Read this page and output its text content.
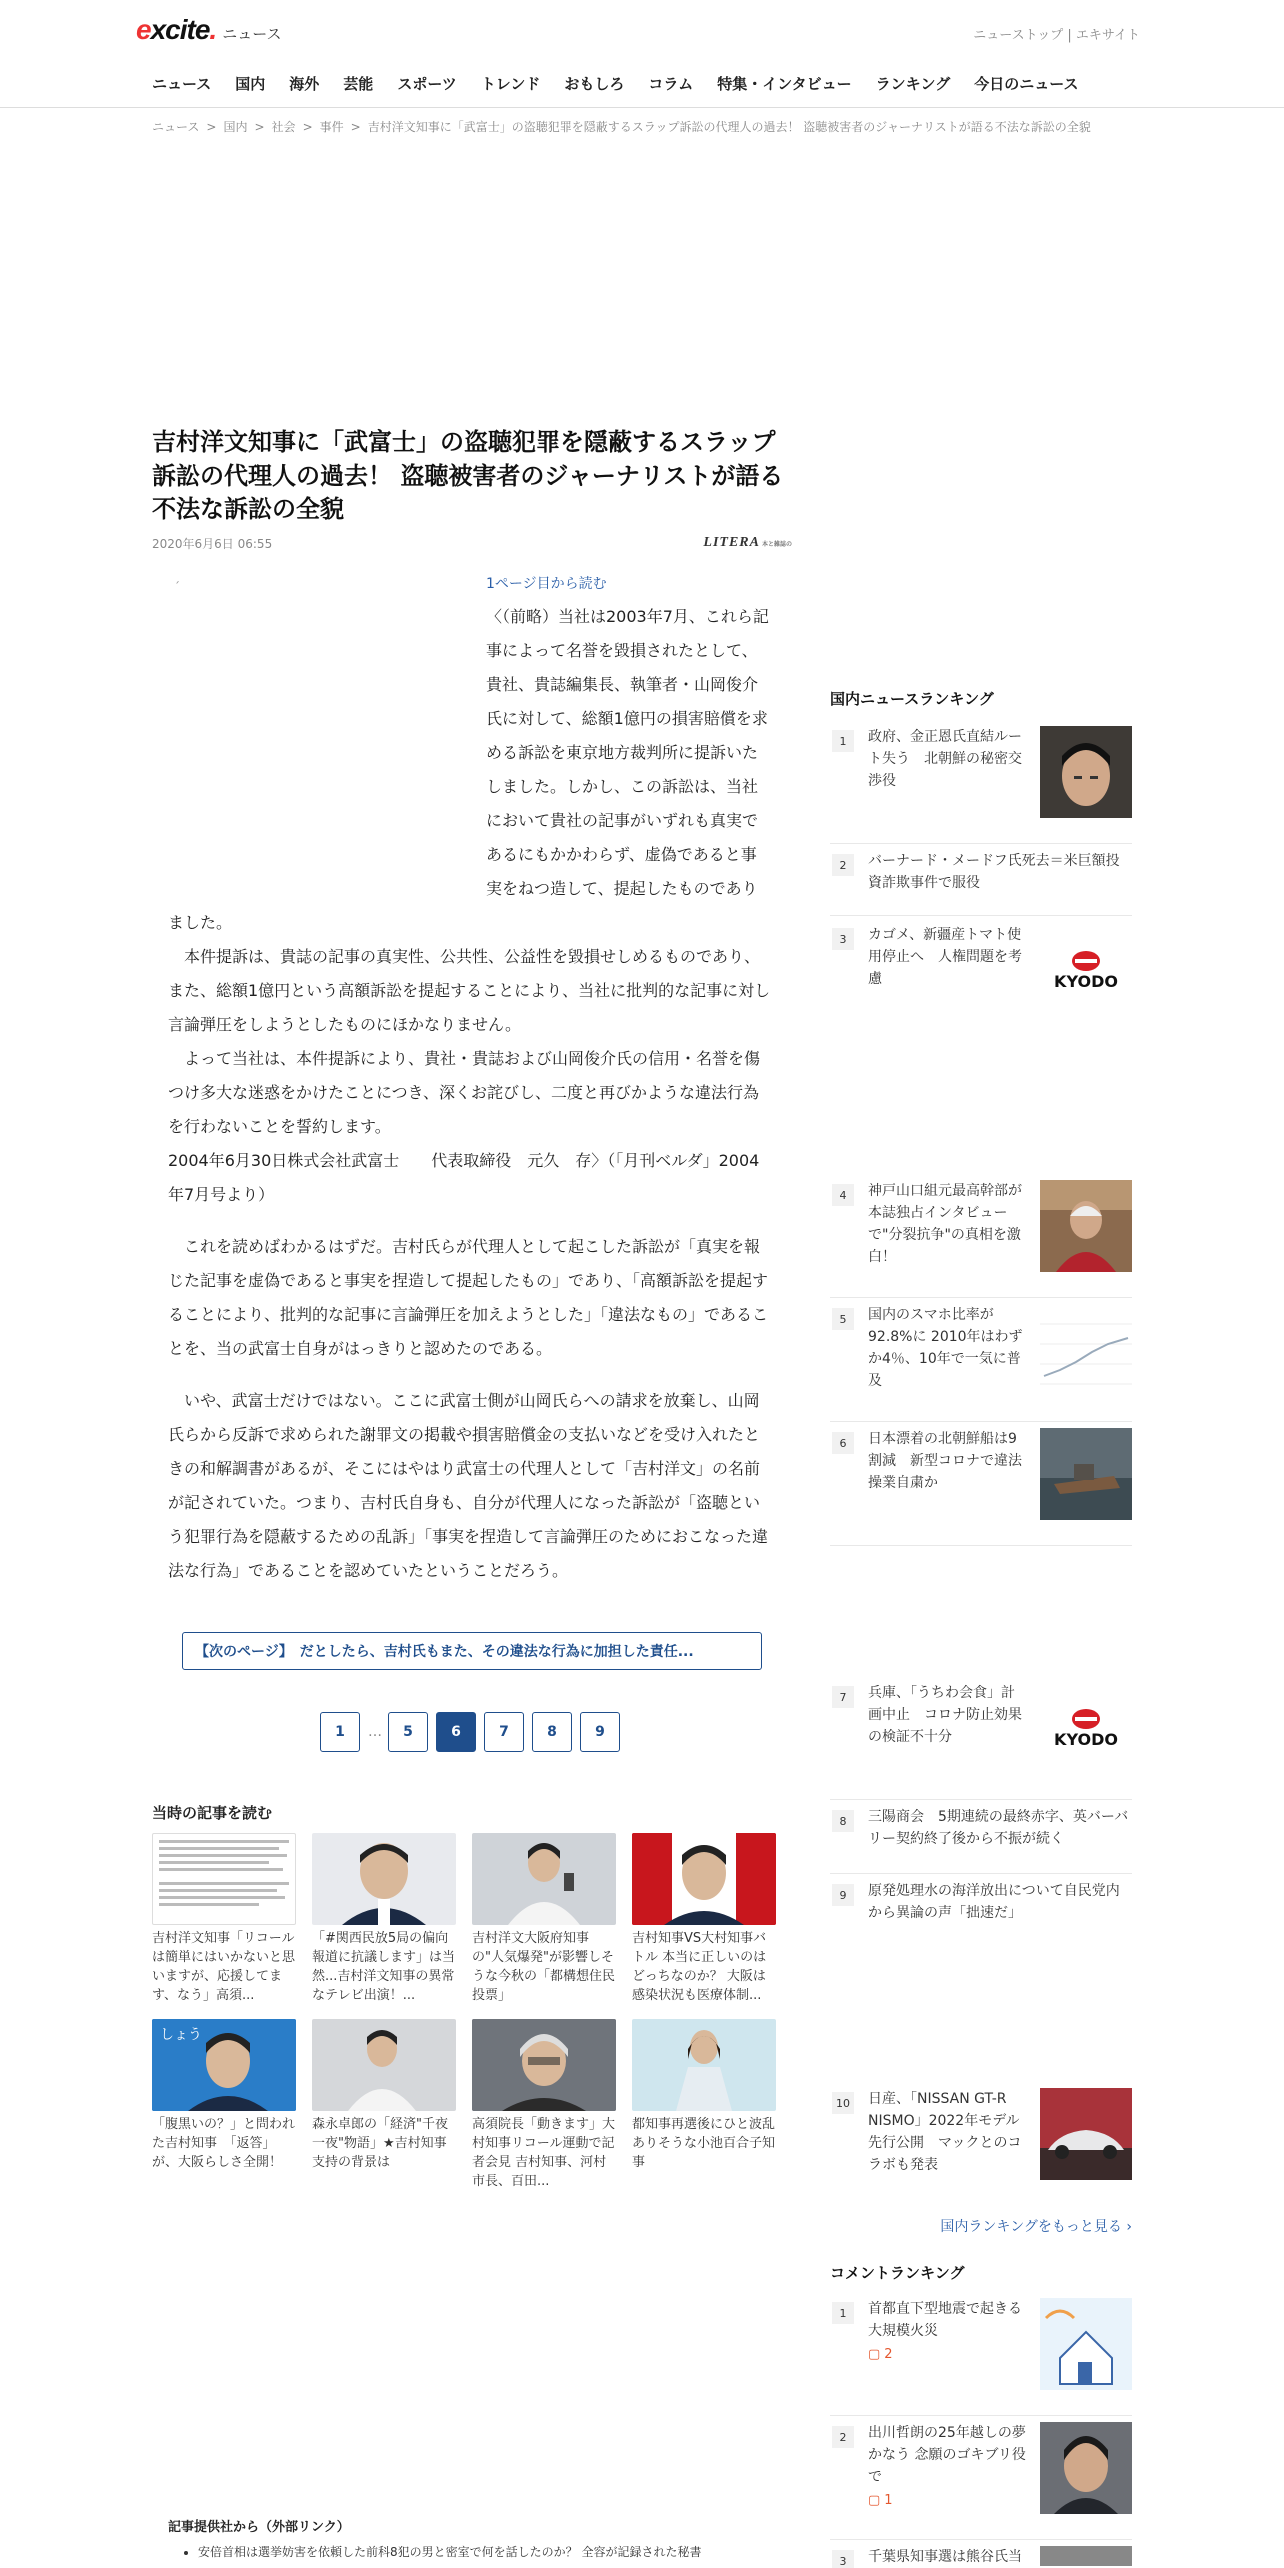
excite. ニュース	ニューストップ | エキサイト
ニュース	国内	海外	芸能	スポーツ	トレンド	おもしろ	コラム	特集・インタビュー	ランキング	今日のニュース
ニュース > 国内 > 社会 > 事件 > 吉村洋文知事に「武富士」の盗聴犯罪を隠蔽するスラップ訴訟の代理人の過去！ 盗聴被害者のジャーナリストが語る不法な訴訟の全貌
吉村洋文知事に「武富士」の盗聴犯罪を隠蔽するスラップ訴訟の代理人の過去！ 盗聴被害者のジャーナリストが語る不法な訴訟の全貌
2020年6月6日 06:55	LITERA 本と雑誌の
´	1ページ目から読む

〈（前略）当社は2003年7月、これら記事によって名誉を毀損されたとして、貴社、貴誌編集長、執筆者・山岡俊介氏に対して、総額1億円の損害賠償を求める訴訟を東京地方裁判所に提訴いたしました。しかし、この訴訟は、当社において貴社の記事がいずれも真実であるにもかかわらず、虚偽であると事実をねつ造して、提起したものでありました。

　本件提訴は、貴誌の記事の真実性、公共性、公益性を毀損せしめるものであり、また、総額1億円という高額訴訟を提起することにより、当社に批判的な記事に対し言論弾圧をしようとしたものにほかなりません。

　よって当社は、本件提訴により、貴社・貴誌および山岡俊介氏の信用・名誉を傷つけ多大な迷惑をかけたことにつき、深くお詫びし、二度と再びかような違法行為を行わないことを誓約します。

2004年6月30日株式会社武富士　　代表取締役　元久　存〉（「月刊ベルダ」2004年7月号より）

　これを読めばわかるはずだ。吉村氏らが代理人として起こした訴訟が「真実を報じた記事を虚偽であると事実を捏造して提起したもの」であり、「高額訴訟を提起することにより、批判的な記事に言論弾圧を加えようとした」「違法なもの」であることを、当の武富士自身がはっきりと認めたのである。

　いや、武富士だけではない。ここに武富士側が山岡氏らへの請求を放棄し、山岡氏らから反訴で求められた謝罪文の掲載や損害賠償金の支払いなどを受け入れたときの和解調書があるが、そこにはやはり武富士の代理人として「吉村洋文」の名前が記されていた。つまり、吉村氏自身も、自分が代理人になった訴訟が「盗聴という犯罪行為を隠蔽するための乱訴」「事実を捏造して言論弾圧のためにおこなった違法な行為」であることを認めていたということだろう。

【次のページ】　だとしたら、吉村氏もまた、その違法な行為に加担した責任...
1	…	5	6	7	8	9
当時の記事を読む
吉村洋文知事「リコールは簡単にはいかないと思いますが、応援してます、なう」高須...
「#関西民放5局の偏向報道に抗議します」は当然...吉村洋文知事の異常なテレビ出演！...
吉村洋文大阪府知事の"人気爆発"が影響しそうな今秋の「都構想住民投票」
吉村知事VS大村知事バトル 本当に正しいのはどっちなのか？ 大阪は感染状況も医療体制...
しょう
「腹黒いの？」と問われた吉村知事　「返答」が、大阪らしさ全開！
森永卓郎の「経済"千夜一夜"物語」★吉村知事支持の背景は
高須院長「動きます」大村知事リコール運動で記者会見 吉村知事、河村市長、百田...
都知事再選後にひと波乱ありそうな小池百合子知事
記事提供社から（外部リンク）
• 安倍首相は選挙妨害を依頼した前科8犯の男と密室で何を話したのか？ 全容が記録された秘書
国内ニュースランキング
1	政府、金正恩氏直結ルート失う　北朝鮮の秘密交渉役
2	バーナード・メードフ氏死去＝米巨額投資詐欺事件で服役
3	カゴメ、新疆産トマト使用停止へ　人権問題を考慮	KYODO
4	神戸山口組元最高幹部が本誌独占インタビューで"分裂抗争"の真相を激白！
5	国内のスマホ比率が92.8%に 2010年はわずか4％、10年で一気に普及
6	日本漂着の北朝鮮船は9割減　新型コロナで違法操業自粛か
7	兵庫、「うちわ会食」計画中止　コロナ防止効果の検証不十分	KYODO
8	三陽商会　5期連続の最終赤字、英バーバリー契約終了後から不振が続く
9	原発処理水の海洋放出について自民党内から異論の声「拙速だ」
10 日産、「NISSAN GT-R NISMO」2022年モデル先行公開　マックとのコラボも発表
国内ランキングをもっと見る ›
コメントランキング
1	首都直下型地震で起きる大規模火災
▢ 2
2	出川哲朗の25年越しの夢かなう 念願のゴキブリ役で
▢ 1
3	千葉県知事選は熊谷氏当
